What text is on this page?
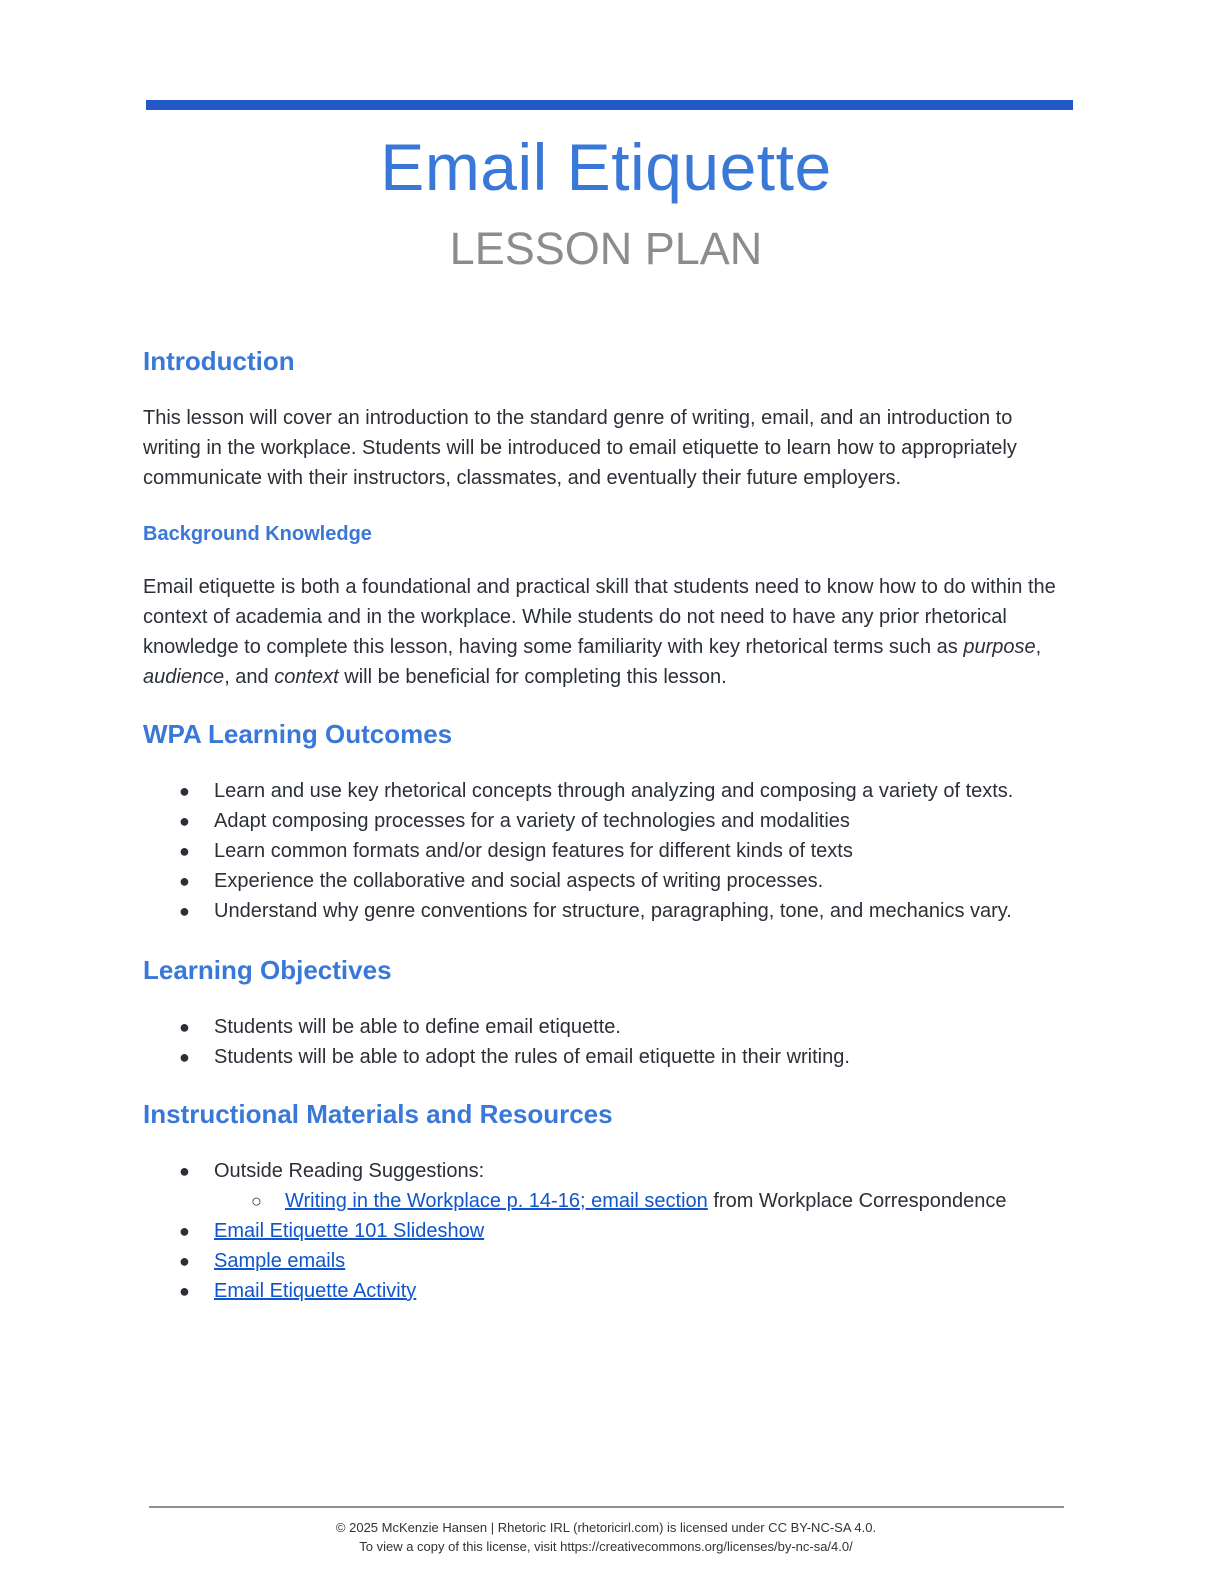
Email Etiquette
LESSON PLAN
Introduction

This lesson will cover an introduction to the standard genre of writing, email, and an introduction to writing in the workplace. Students will be introduced to email etiquette to learn how to appropriately communicate with their instructors, classmates, and eventually their future employers.

Background Knowledge

Email etiquette is both a foundational and practical skill that students need to know how to do within the context of academia and in the workplace. While students do not need to have any prior rhetorical knowledge to complete this lesson, having some familiarity with key rhetorical terms such as purpose, audience, and context will be beneficial for completing this lesson.

WPA Learning Outcomes
● Learn and use key rhetorical concepts through analyzing and composing a variety of texts.
● Adapt composing processes for a variety of technologies and modalities
● Learn common formats and/or design features for different kinds of texts
● Experience the collaborative and social aspects of writing processes.
● Understand why genre conventions for structure, paragraphing, tone, and mechanics vary.
Learning Objectives
● Students will be able to define email etiquette.
● Students will be able to adopt the rules of email etiquette in their writing.
Instructional Materials and Resources
● Outside Reading Suggestions:
○ Writing in the Workplace p. 14-16; email section from Workplace Correspondence
● Email Etiquette 101 Slideshow
● Sample emails
● Email Etiquette Activity
© 2025 McKenzie Hansen | Rhetoric IRL (rhetoricirl.com) is licensed under CC BY-NC-SA 4.0.
To view a copy of this license, visit https://creativecommons.org/licenses/by-nc-sa/4.0/
